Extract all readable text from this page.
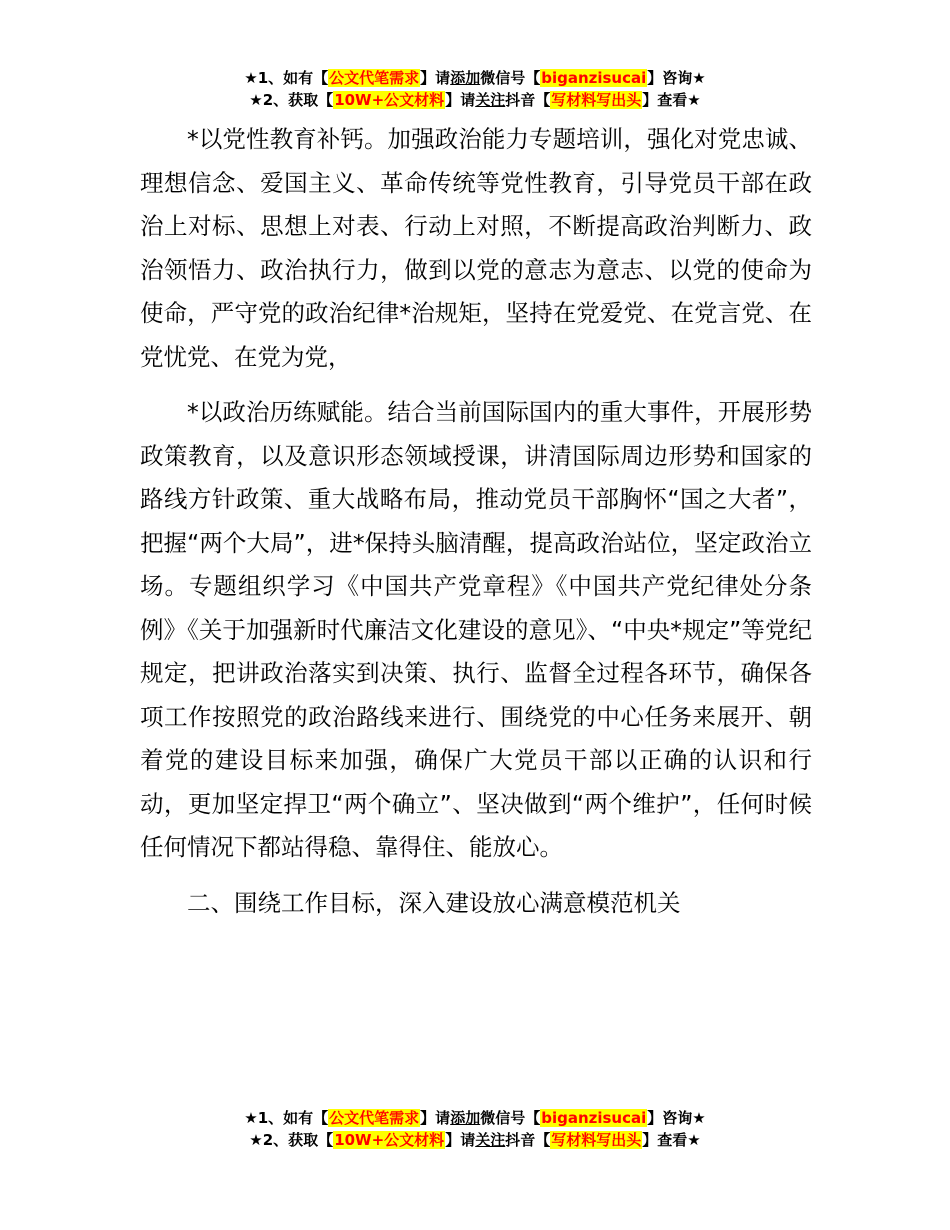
★1、如有【公文代笔需求】请添加微信号【biganzisucai】咨询★
★2、获取【10W+公文材料】请关注抖音【写材料写出头】查看★

*以党性教育补钙。加强政治能力专题培训，强化对党忠诚、理想信念、爱国主义、革命传统等党性教育，引导党员干部在政治上对标、思想上对表、行动上对照，不断提高政治判断力、政治领悟力、政治执行力，做到以党的意志为意志、以党的使命为使命，严守党的政治纪律*治规矩，坚持在党爱党、在党言党、在党忧党、在党为党，

*以政治历练赋能。结合当前国际国内的重大事件，开展形势政策教育，以及意识形态领域授课，讲清国际周边形势和国家的路线方针政策、重大战略布局，推动党员干部胸怀“国之大者”，把握“两个大局”，进*保持头脑清醒，提高政治站位，坚定政治立场。专题组织学习《中国共产党章程》《中国共产党纪律处分条例》《关于加强新时代廉洁文化建设的意见》、“中央*规定”等党纪规定，把讲政治落实到决策、执行、监督全过程各环节，确保各项工作按照党的政治路线来进行、围绕党的中心任务来展开、朝着党的建设目标来加强，确保广大党员干部以正确的认识和行动，更加坚定捍卫“两个确立”、坚决做到“两个维护”，任何时候任何情况下都站得稳、靠得住、能放心。

二、围绕工作目标，深入建设放心满意模范机关

★1、如有【公文代笔需求】请添加微信号【biganzisucai】咨询★
★2、获取【10W+公文材料】请关注抖音【写材料写出头】查看★
